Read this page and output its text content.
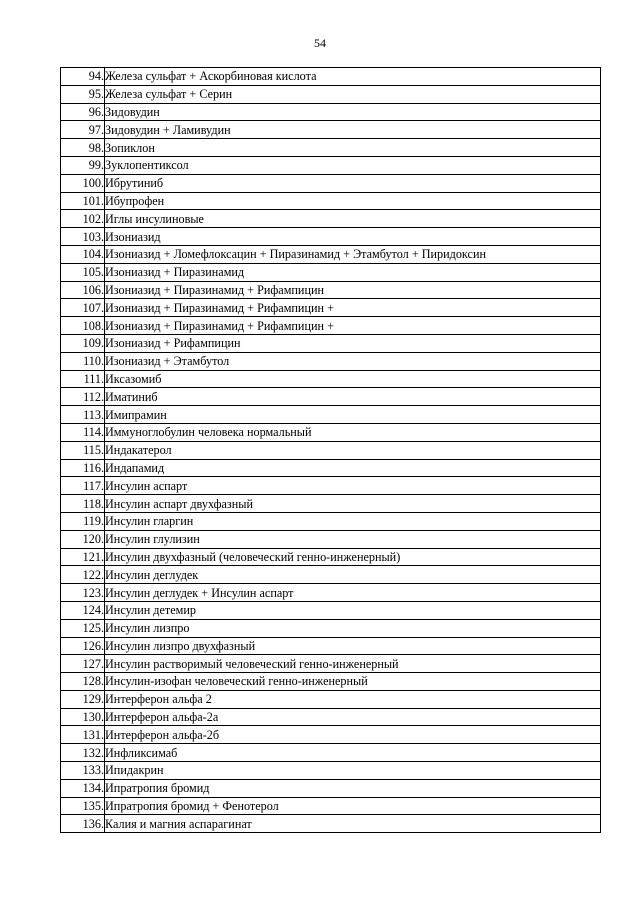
54
94.	Железа сульфат + Аскорбиновая кислота
95.	Железа сульфат + Серин
96.	Зидовудин
97.	Зидовудин + Ламивудин
98.	Зопиклон
99.	Зуклопентиксол
100.	Ибрутиниб
101.	Ибупрофен
102.	Иглы инсулиновые
103.	Изониазид
104.	Изониазид + Ломефлоксацин + Пиразинамид + Этамбутол + Пиридоксин
105.	Изониазид + Пиразинамид
106.	Изониазид + Пиразинамид + Рифампицин
107.	Изониазид + Пиразинамид + Рифампицин +
108.	Изониазид + Пиразинамид + Рифампицин +
109.	Изониазид + Рифампицин
110.	Изониазид + Этамбутол
111.	Иксазомиб
112.	Иматиниб
113.	Имипрамин
114.	Иммуноглобулин человека нормальный
115.	Индакатерол
116.	Индапамид
117.	Инсулин аспарт
118.	Инсулин аспарт двухфазный
119.	Инсулин гларгин
120.	Инсулин глулизин
121.	Инсулин двухфазный (человеческий генно-инженерный)
122.	Инсулин деглудек
123.	Инсулин деглудек + Инсулин аспарт
124.	Инсулин детемир
125.	Инсулин лизпро
126.	Инсулин лизпро двухфазный
127.	Инсулин растворимый человеческий генно-инженерный
128.	Инсулин-изофан человеческий генно-инженерный
129.	Интерферон альфа 2
130.	Интерферон альфа-2а
131.	Интерферон альфа-2б
132.	Инфликсимаб
133.	Ипидакрин
134.	Ипратропия бромид
135.	Ипратропия бромид + Фенотерол
136.	Калия и магния аспарагинат
